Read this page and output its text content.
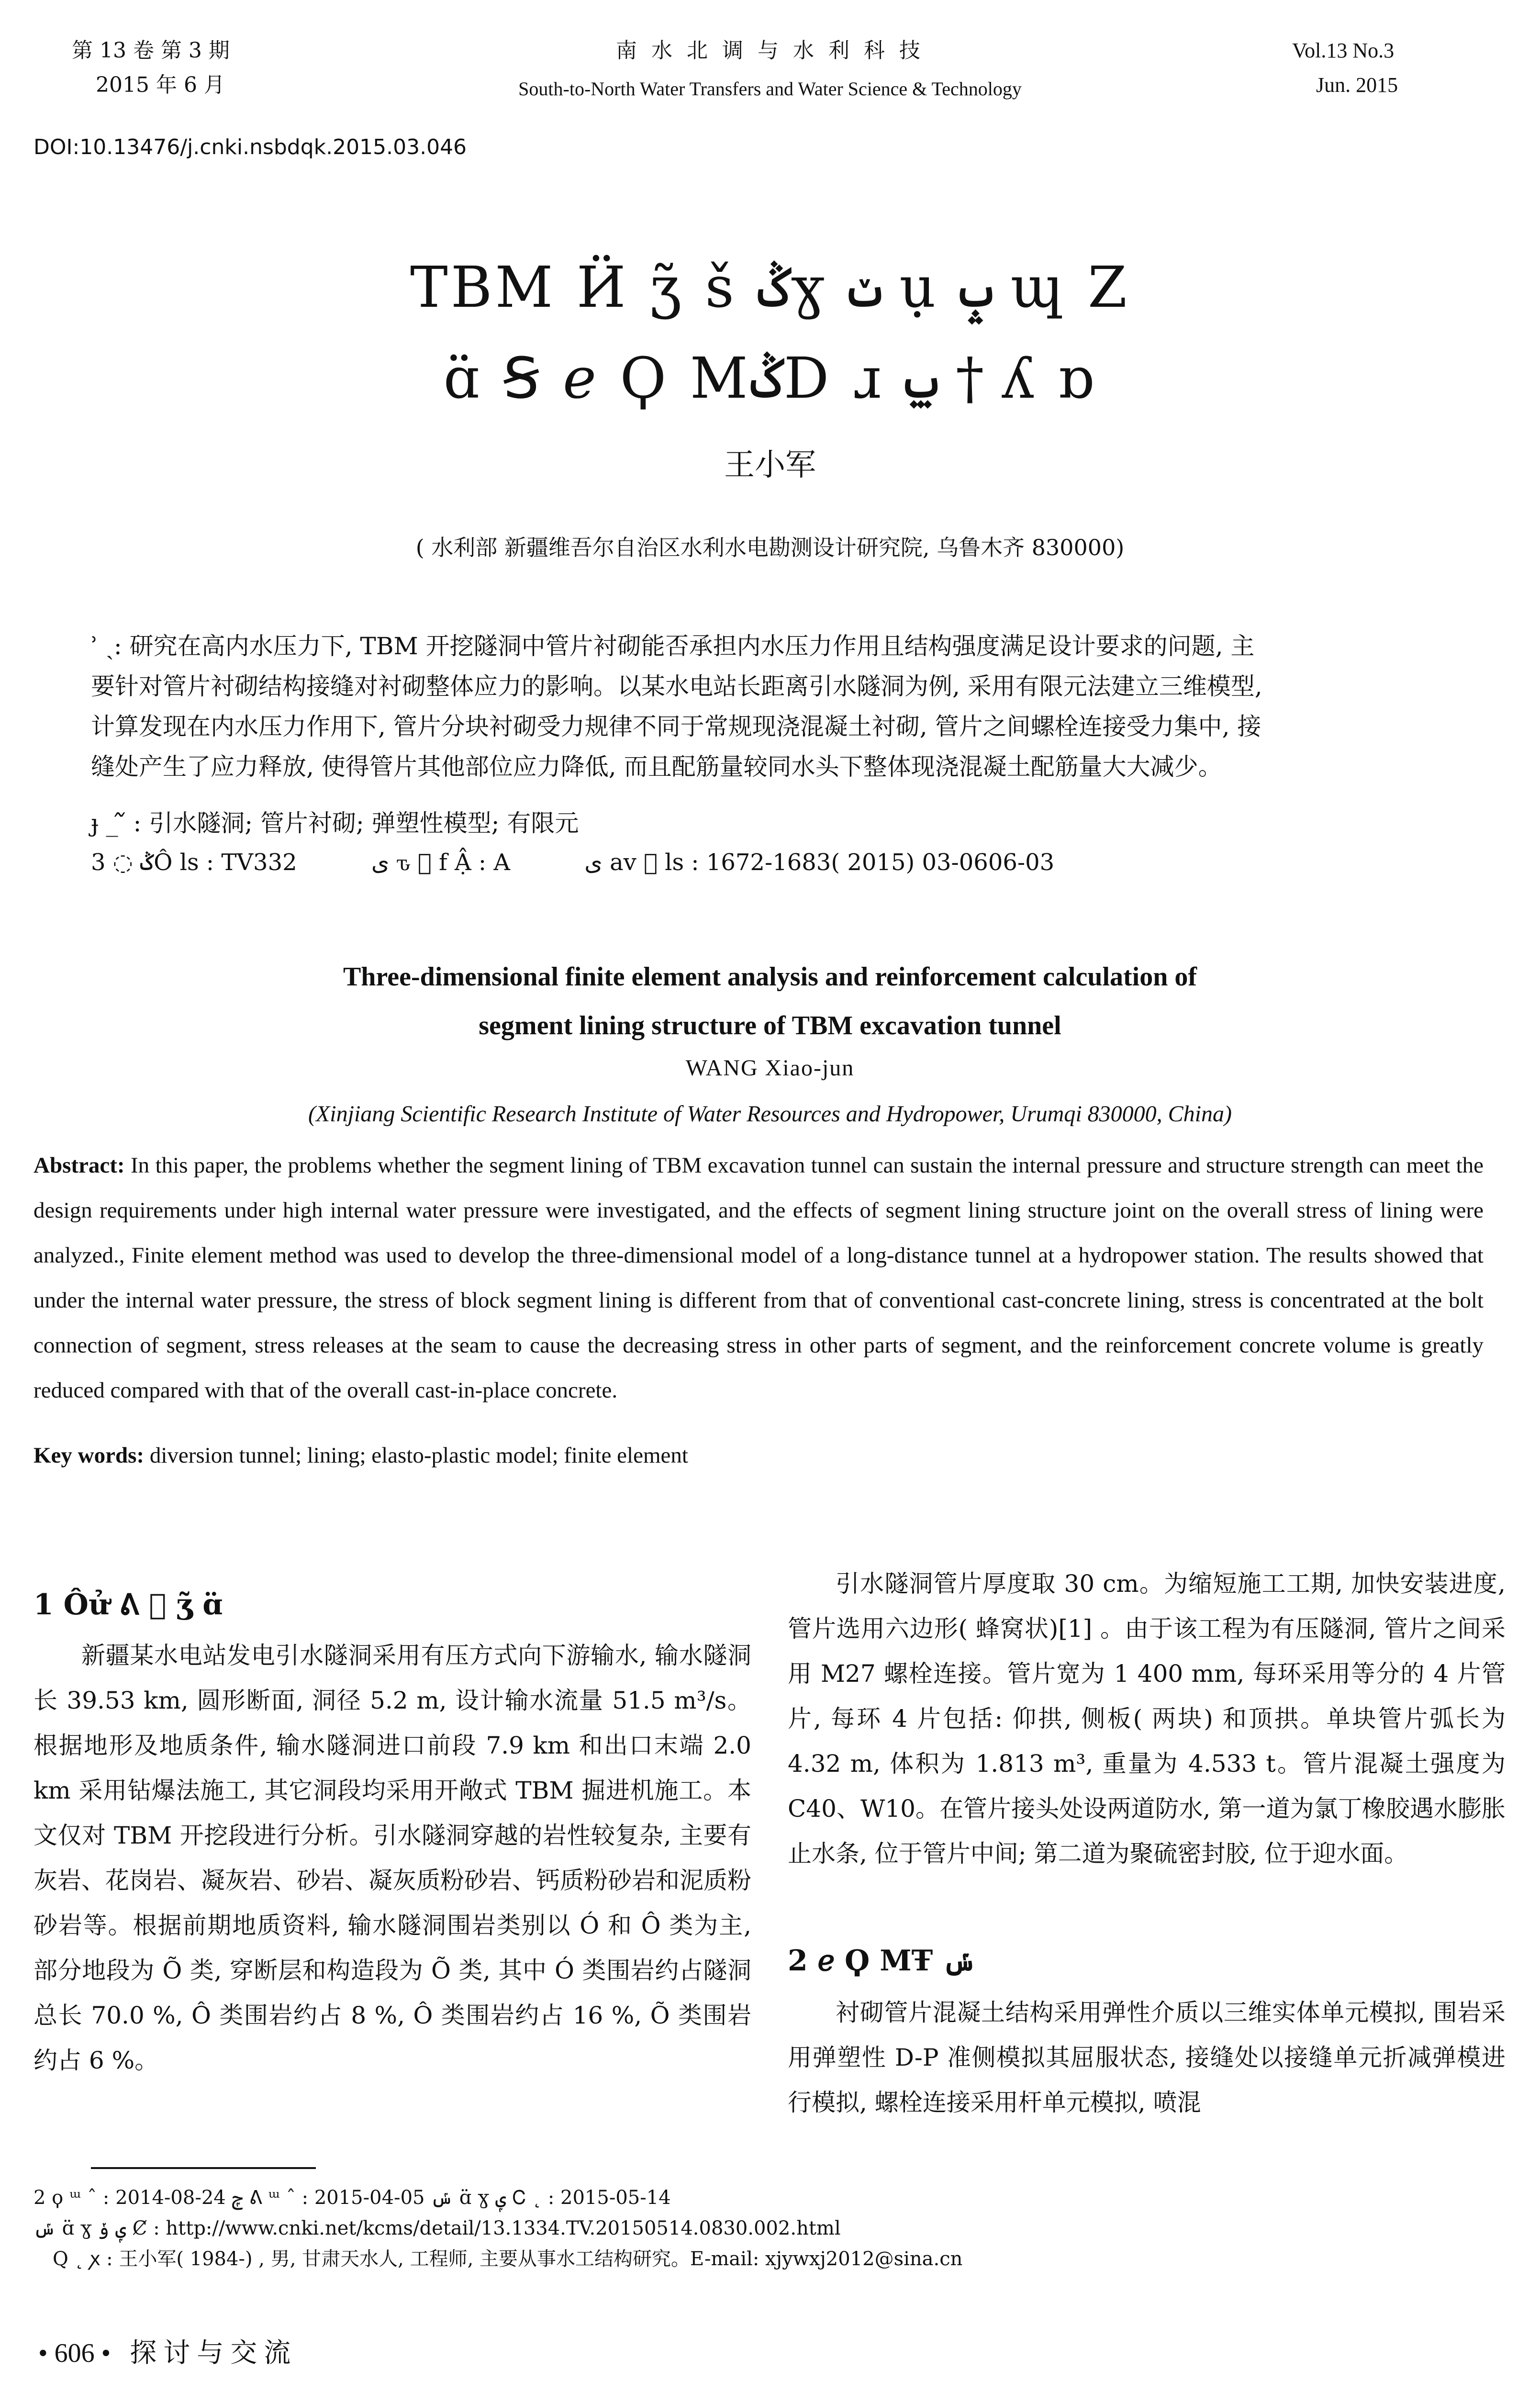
第 13 卷 第 3 期
2015 年 6 月
南 水 北 调 与 水 利 科 技
South-to-North Water Transfers and Water Science & Technology
Vol.13 No.3
Jun. 2015
DOI:10.13476/j.cnki.nsbdqk.2015.03.046
TBM Ӥ ʒ̃ š ݣɣ ݖ ụ ݒ ɰ Ζ
ɑ̈ Ꞩ ℯ Ϙ MݣD ɹ ݐ † ʎ ɒ
王小军
( 水利部 新疆维吾尔自治区水利水电勘测设计研究院, 乌鲁木齐 830000)
ʾ ˎ: 研究在高内水压力下, TBM 开挖隧洞中管片衬砌能否承担内水压力作用且结构强度满足设计要求的问题, 主
要针对管片衬砌结构接缝对衬砌整体应力的影响。以某水电站长距离引水隧洞为例, 采用有限元法建立三维模型,
计算发现在内水压力作用下, 管片分块衬砌受力规律不同于常规现浇混凝土衬砌, 管片之间螺栓连接受力集中, 接
缝处产生了应力释放, 使得管片其他部位应力降低, 而且配筋量较同水头下整体现浇混凝土配筋量大大减少。
ɟ _ ᷉ : 引水隧洞; 管片衬砌; 弹塑性模型; 有限元
3 ◌ ݣÔ ls : TV332	ی ԏ ⃞ f Ậ : A	ی av ⃞ ls : 1672-1683( 2015) 03-0606-03
Three-dimensional finite element analysis and reinforcement calculation of
segment lining structure of TBM excavation tunnel
WANG Xiao-jun
(Xinjiang Scientific Research Institute of Water Resources and Hydropower, Urumqi 830000, China)
Abstract: In this paper, the problems whether the segment lining of TBM excavation tunnel can sustain the internal pressure and structure strength can meet the design requirements under high internal water pressure were investigated, and the effects of segment lining structure joint on the overall stress of lining were analyzed., Finite element method was used to develop the three-dimensional model of a long-distance tunnel at a hydropower station. The results showed that under the internal water pressure, the stress of block segment lining is different from that of conventional cast-concrete lining, stress is concentrated at the bolt connection of segment, stress releases at the seam to cause the decreasing stress in other parts of segment, and the reinforcement concrete volume is greatly reduced compared with that of the overall cast-in-place concrete.
Key words: diversion tunnel; lining; elasto-plastic model; finite element
1 Ôử ᕕ ⃞ ʒ̃ ɑ̈

新疆某水电站发电引水隧洞采用有压方式向下游输水, 输水隧洞长 39.53 km, 圆形断面, 洞径 5.2 m, 设计输水流量 51.5 m³/s。根据地形及地质条件, 输水隧洞进口前段 7.9 km 和出口末端 2.0 km 采用钻爆法施工, 其它洞段均采用开敞式 TBM 掘进机施工。本文仅对 TBM 开挖段进行分析。引水隧洞穿越的岩性较复杂, 主要有灰岩、花岗岩、凝灰岩、砂岩、凝灰质粉砂岩、钙质粉砂岩和泥质粉砂岩等。根据前期地质资料, 输水隧洞围岩类别以 Ó 和 Ô 类为主, 部分地段为 Õ 类, 穿断层和构造段为 Õ 类, 其中 Ó 类围岩约占隧洞总长 70.0 %, Ô 类围岩约占 8 %, Ô 类围岩约占 16 %, Õ 类围岩约占 6 %。

引水隧洞管片厚度取 30 cm。为缩短施工工期, 加快安装进度, 管片选用六边形( 蜂窝状)[1] 。由于该工程为有压隧洞, 管片之间采用 M27 螺栓连接。管片宽为 1 400 mm, 每环采用等分的 4 片管片, 每环 4 片包括: 仰拱, 侧板( 两块) 和顶拱。单块管片弧长为 4.32 m, 体积为 1.813 m³, 重量为 4.533 t。管片混凝土强度为 C40、W10。在管片接头处设两道防水, 第一道为氯丁橡胶遇水膨胀止水条, 位于管片中间; 第二道为聚硫密封胶, 位于迎水面。

2 ℯ Ϙ MŦ ݽ

衬砌管片混凝土结构采用弹性介质以三维实体单元模拟, 围岩采用弹塑性 D-P 准侧模拟其屈服状态, 接缝处以接缝单元折减弹模进行模拟, 螺栓连接采用杆单元模拟, 喷混

2 ϙ ᵚ ˆ : 2014-08-24 ݼ ᕕ ᵚ ˆ : 2015-04-05 ݽ ɑ̈ ɣ ݷ Ꮯ ˛ : 2015-05-14
ݽ ɑ̈ ɣ ݷ ݸ Ȼ : http://www.cnki.net/kcms/detail/13.1334.TV.20150514.0830.002.html
Q ˛ ꭗ : 王小军( 1984-) , 男, 甘肃天水人, 工程师, 主要从事水工结构研究。E-mail: xjywxj2012@sina.cn
• 606 • 探讨与交流
